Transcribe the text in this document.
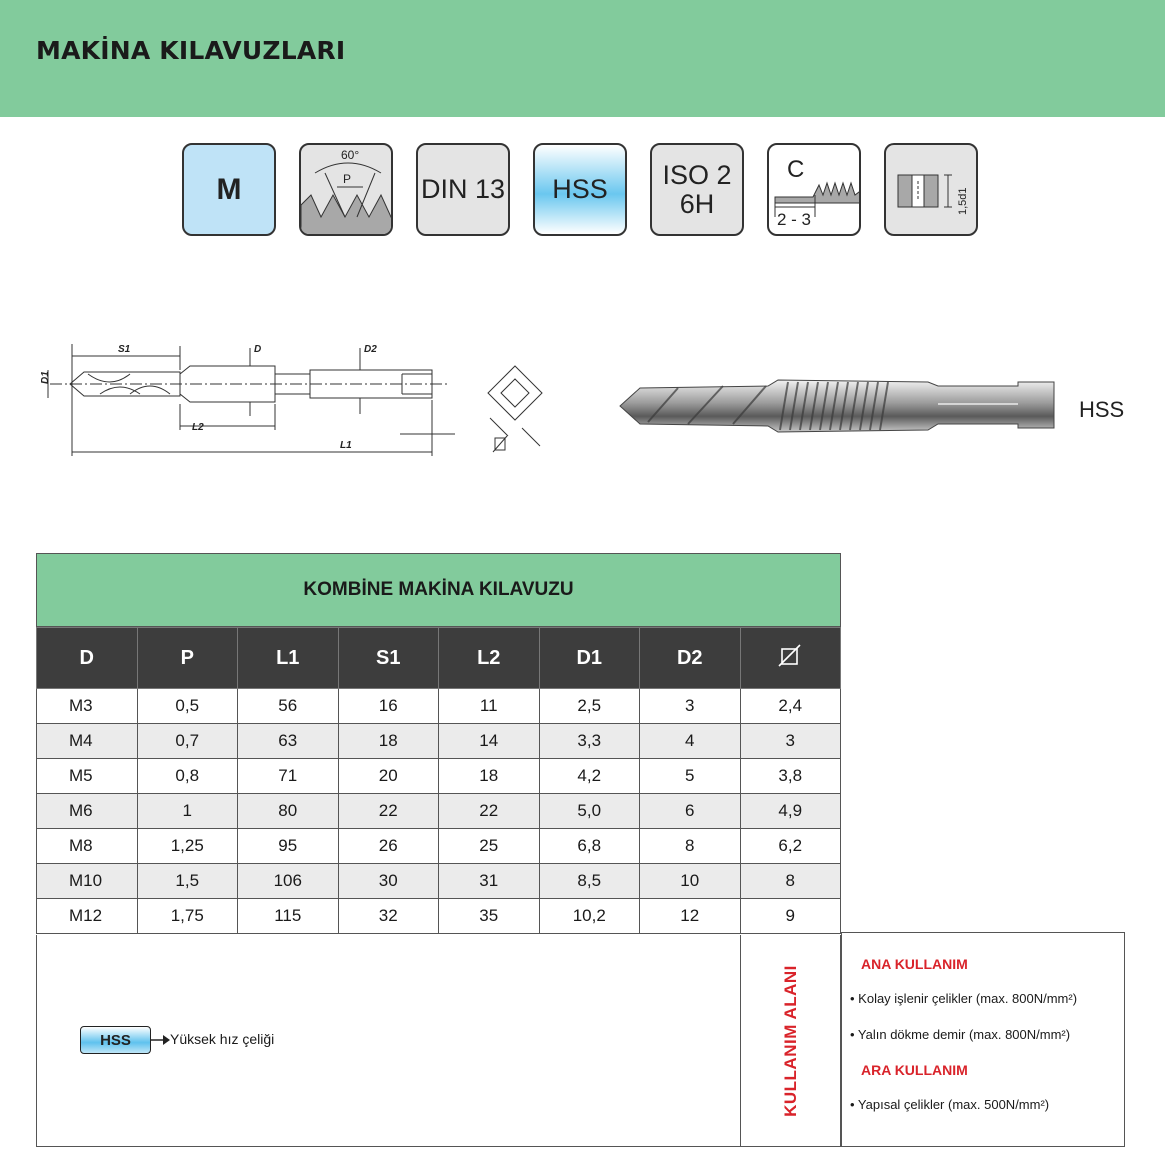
MAKİNA KILAVUZLARI
M
60°
P	DIN 13 HSS ISO 2
6H
C
2 - 3
1,5d1
S1	D	D2
D1
L2
L1
HSS
KOMBİNE MAKİNA KILAVUZU
D	P	L1	S1	L2	D1	D2	
M3	0,5	56	16	11	2,5	3	2,4
M4	0,7	63	18	14	3,3	4	3
M5	0,8	71	20	18	4,2	5	3,8
M6	1	80	22	22	5,0	6	4,9
M8	1,25	95	26	25	6,8	8	6,2
M10	1,5	106	30	31	8,5	10	8
M12	1,75	115	32	35	10,2	12	9
HSS	Yüksek hız çeliği	KULLANIM ALANI
ANA KULLANIM
• Kolay işlenir çelikler (max. 800N/mm²)
• Yalın dökme demir (max. 800N/mm²)
ARA KULLANIM
• Yapısal çelikler (max. 500N/mm²)
